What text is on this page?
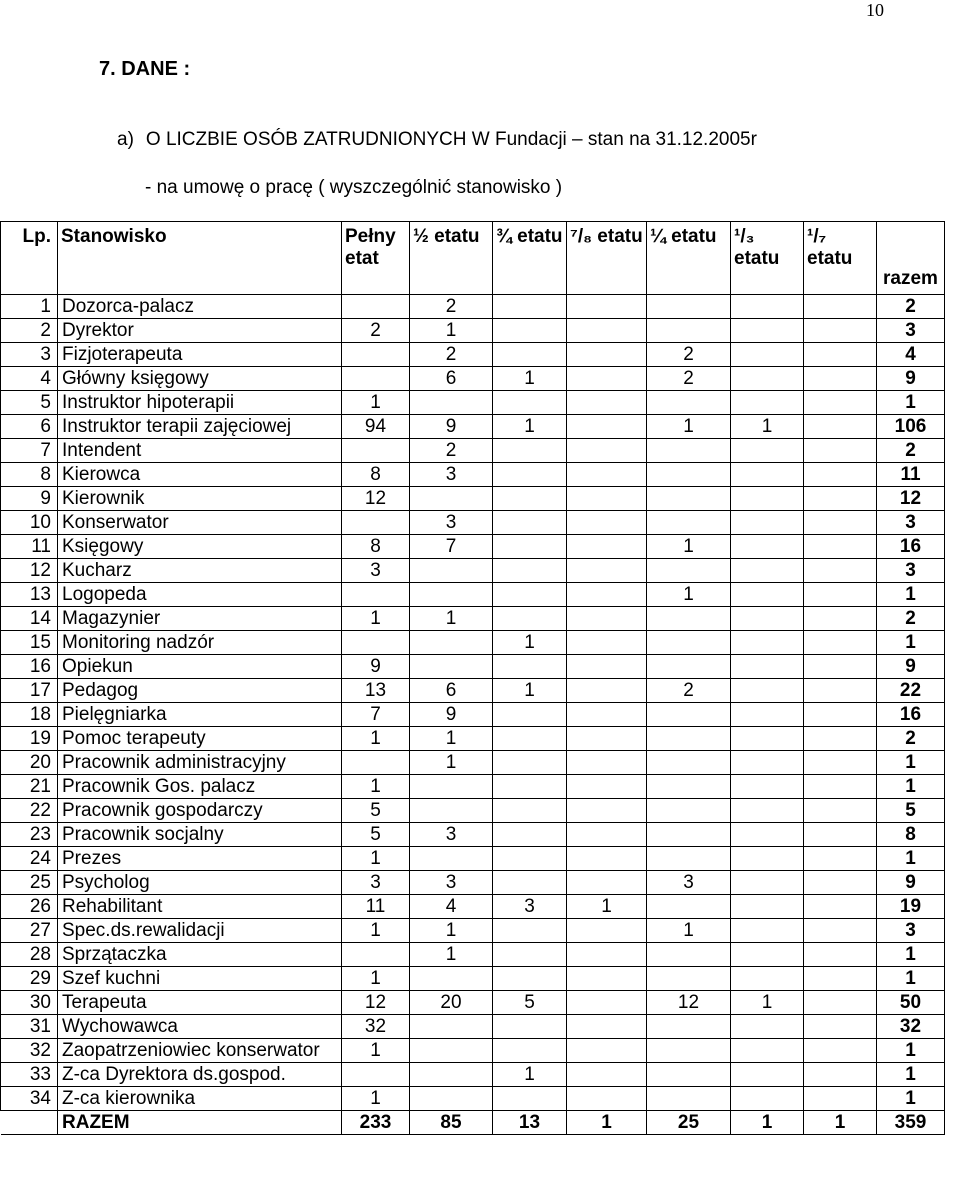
10
7. DANE :
a) O LICZBIE OSÓB ZATRUDNIONYCH W Fundacji – stan na 31.12.2005r
- na umowę o pracę ( wyszczególnić stanowisko )
Lp.	Stanowisko	Pełny etat	½ etatu	¾ etatu	⁷/₈ etatu	¼ etatu	¹/₃ etatu	¹/₇ etatu	razem
1	Dozorca-palacz		2						2
2	Dyrektor	2	1						3
3	Fizjoterapeuta		2			2			4
4	Główny księgowy		6	1		2			9
5	Instruktor hipoterapii	1							1
6	Instruktor terapii zajęciowej	94	9	1		1	1		106
7	Intendent		2						2
8	Kierowca	8	3						11
9	Kierownik	12							12
10	Konserwator		3						3
11	Księgowy	8	7			1			16
12	Kucharz	3							3
13	Logopeda					1			1
14	Magazynier	1	1						2
15	Monitoring nadzór			1					1
16	Opiekun	9							9
17	Pedagog	13	6	1		2			22
18	Pielęgniarka	7	9						16
19	Pomoc terapeuty	1	1						2
20	Pracownik administracyjny		1						1
21	Pracownik Gos. palacz	1							1
22	Pracownik gospodarczy	5							5
23	Pracownik socjalny	5	3						8
24	Prezes	1							1
25	Psycholog	3	3			3			9
26	Rehabilitant	11	4	3	1				19
27	Spec.ds.rewalidacji	1	1			1			3
28	Sprzątaczka		1						1
29	Szef kuchni	1							1
30	Terapeuta	12	20	5		12	1		50
31	Wychowawca	32							32
32	Zaopatrzeniowiec konserwator	1							1
33	Z-ca Dyrektora ds.gospod.			1					1
34	Z-ca kierownika	1							1
	RAZEM	233	85	13	1	25	1	1	359
